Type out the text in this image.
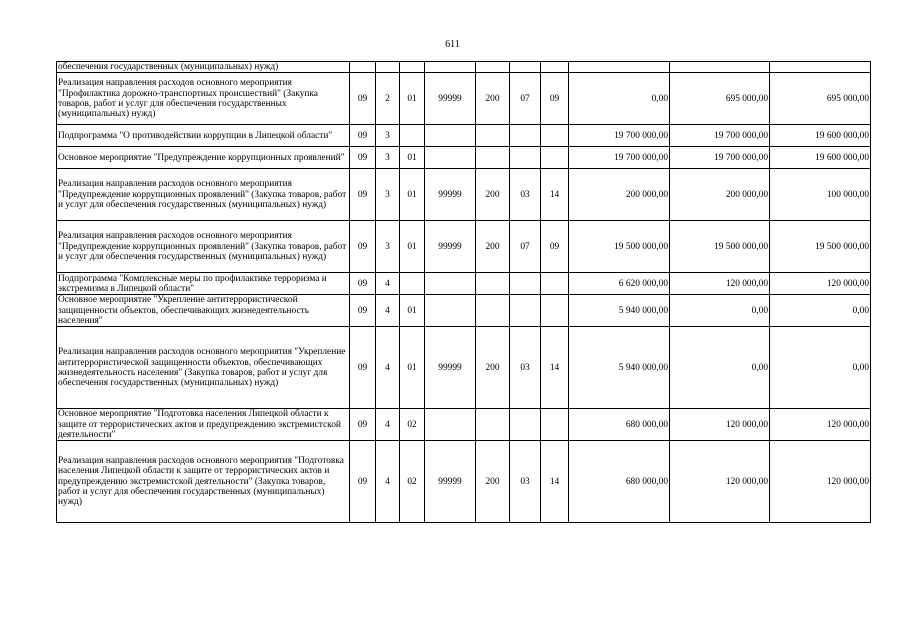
611
обеспечения государственных (муниципальных) нужд)										
Реализация направления расходов основного мероприятия "Профилактика дорожно-транспортных происшествий" (Закупка товаров, работ и услуг для обеспечения государственных (муниципальных) нужд)	09	2	01	99999	200	07	09	0,00	695 000,00	695 000,00
Подпрограмма "О противодействии коррупции в Липецкой области"	09	3						19 700 000,00	19 700 000,00	19 600 000,00
Основное мероприятие "Предупреждение коррупционных проявлений"	09	3	01					19 700 000,00	19 700 000,00	19 600 000,00
Реализация направления расходов основного мероприятия "Предупреждение коррупционных проявлений" (Закупка товаров, работ и услуг для обеспечения государственных (муниципальных) нужд)	09	3	01	99999	200	03	14	200 000,00	200 000,00	100 000,00
Реализация направления расходов основного мероприятия "Предупреждение коррупционных проявлений" (Закупка товаров, работ и услуг для обеспечения государственных (муниципальных) нужд)	09	3	01	99999	200	07	09	19 500 000,00	19 500 000,00	19 500 000,00
Подпрограмма "Комплексные меры по профилактике терроризма и экстремизма в Липецкой области"	09	4						6 620 000,00	120 000,00	120 000,00
Основное мероприятие "Укрепление антитеррористической защищенности объектов, обеспечивающих жизнедеятельность населения"	09	4	01					5 940 000,00	0,00	0,00
Реализация направления расходов основного мероприятия "Укрепление антитеррористической защищенности объектов, обеспечивающих жизнедеятельность населения" (Закупка товаров, работ и услуг для обеспечения государственных (муниципальных) нужд)	09	4	01	99999	200	03	14	5 940 000,00	0,00	0,00
Основное мероприятие "Подготовка населения Липецкой области к защите от террористических актов и предупреждению экстремистской деятельности"	09	4	02					680 000,00	120 000,00	120 000,00
Реализация направления расходов основного мероприятия "Подготовка населения Липецкой области к защите от террористических актов и предупреждению экстремистской деятельности" (Закупка товаров, работ и услуг для обеспечения государственных (муниципальных) нужд)	09	4	02	99999	200	03	14	680 000,00	120 000,00	120 000,00
